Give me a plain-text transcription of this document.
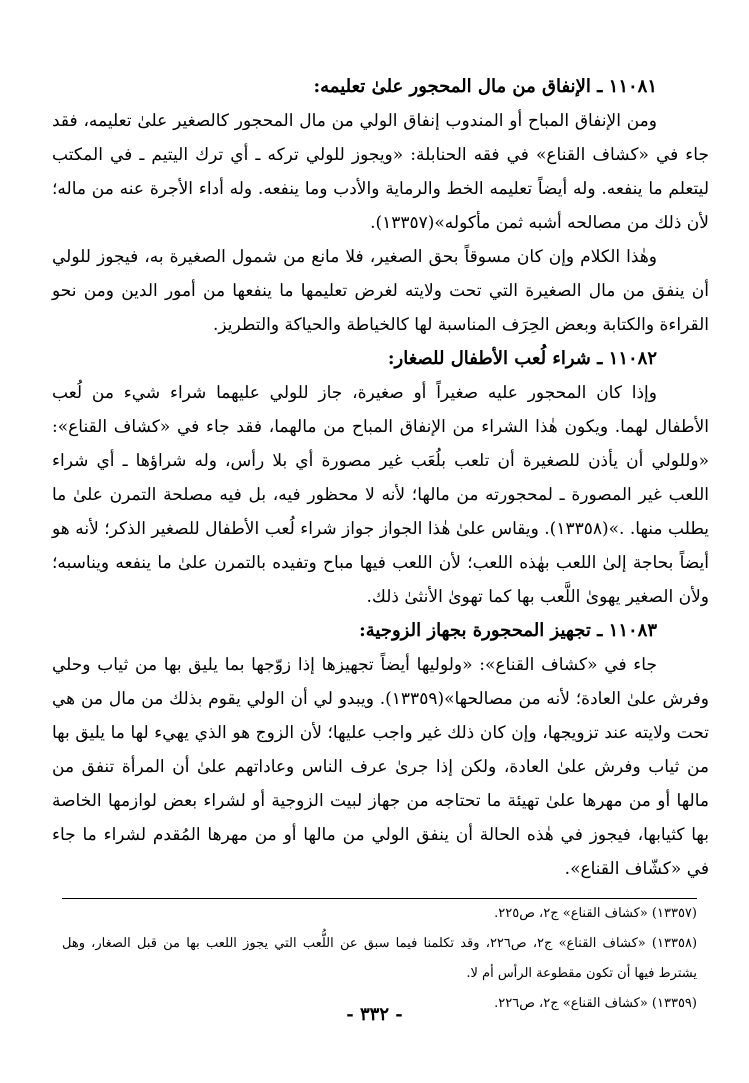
١١٠٨١ ـ الإنفاق من مال المحجور علىٰ تعليمه:

ومن الإنفاق المباح أو المندوب إنفاق الولي من مال المحجور كالصغير علىٰ تعليمه، فقد جاء في «كشاف القناع» في فقه الحنابلة: «ويجوز للولي تركه ـ أي ترك اليتيم ـ في المكتب ليتعلم ما ينفعه. وله أيضاً تعليمه الخط والرماية والأدب وما ينفعه. وله أداء الأجرة عنه من ماله؛ لأن ذلك من مصالحه أشبه ثمن مأكوله»(١٣٣٥٧).

وهٰذا الكلام وإن كان مسوقاً بحق الصغير، فلا مانع من شمول الصغيرة به، فيجوز للولي أن ينفق من مال الصغيرة التي تحت ولايته لغرض تعليمها ما ينفعها من أمور الدين ومن نحو القراءة والكتابة وبعض الحِرَف المناسبة لها كالخياطة والحياكة والتطريز.

١١٠٨٢ ـ شراء لُعب الأطفال للصغار:

وإذا كان المحجور عليه صغيراً أو صغيرة، جاز للولي عليهما شراء شيء من لُعب الأطفال لهما. ويكون هٰذا الشراء من الإنفاق المباح من مالهما، فقد جاء في «كشاف القناع»: «وللولي أن يأذن للصغيرة أن تلعب بلُعَب غير مصورة أي بلا رأس، وله شراؤها ـ أي شراء اللعب غير المصورة ـ لمحجورته من مالها؛ لأنه لا محظور فيه، بل فيه مصلحة التمرن علىٰ ما يطلب منها. .»(١٣٣٥٨). ويقاس علىٰ هٰذا الجواز جواز شراء لُعب الأطفال للصغير الذكر؛ لأنه هو أيضاً بحاجة إلىٰ اللعب بهٰذه اللعب؛ لأن اللعب فيها مباح وتفيده بالتمرن علىٰ ما ينفعه ويناسبه؛ ولأن الصغير يهوىٰ اللَّعب بها كما تهوىٰ الأنثىٰ ذلك.

١١٠٨٣ ـ تجهيز المحجورة بجهاز الزوجية:

جاء في «كشاف القناع»: «ولوليها أيضاً تجهيزها إذا زوّجها بما يليق بها من ثياب وحلي وفرش علىٰ العادة؛ لأنه من مصالحها»(١٣٣٥٩). ويبدو لي أن الولي يقوم بذلك من مال من هي تحت ولايته عند تزويجها، وإن كان ذلك غير واجب عليها؛ لأن الزوج هو الذي يهيء لها ما يليق بها من ثياب وفرش علىٰ العادة، ولكن إذا جرىٰ عرف الناس وعاداتهم علىٰ أن المرأة تنفق من مالها أو من مهرها علىٰ تهيئة ما تحتاجه من جهاز لبيت الزوجية أو لشراء بعض لوازمها الخاصة بها كثيابها، فيجوز في هٰذه الحالة أن ينفق الولي من مالها أو من مهرها المُقدم لشراء ما جاء في «كشّاف القناع».

(١٣٣٥٧) «كشاف القناع» ج٢، ص٢٢٥.

(١٣٣٥٨) «كشاف القناع» ج٢، ص٢٢٦، وقد تكلمنا فيما سبق عن اللُّعب التي يجوز اللعب بها من قبل الصغار، وهل يشترط فيها أن تكون مقطوعة الرأس أم لا.

(١٣٣٥٩) «كشاف القناع» ج٢، ص٢٢٦.

- ٣٣٢ -
